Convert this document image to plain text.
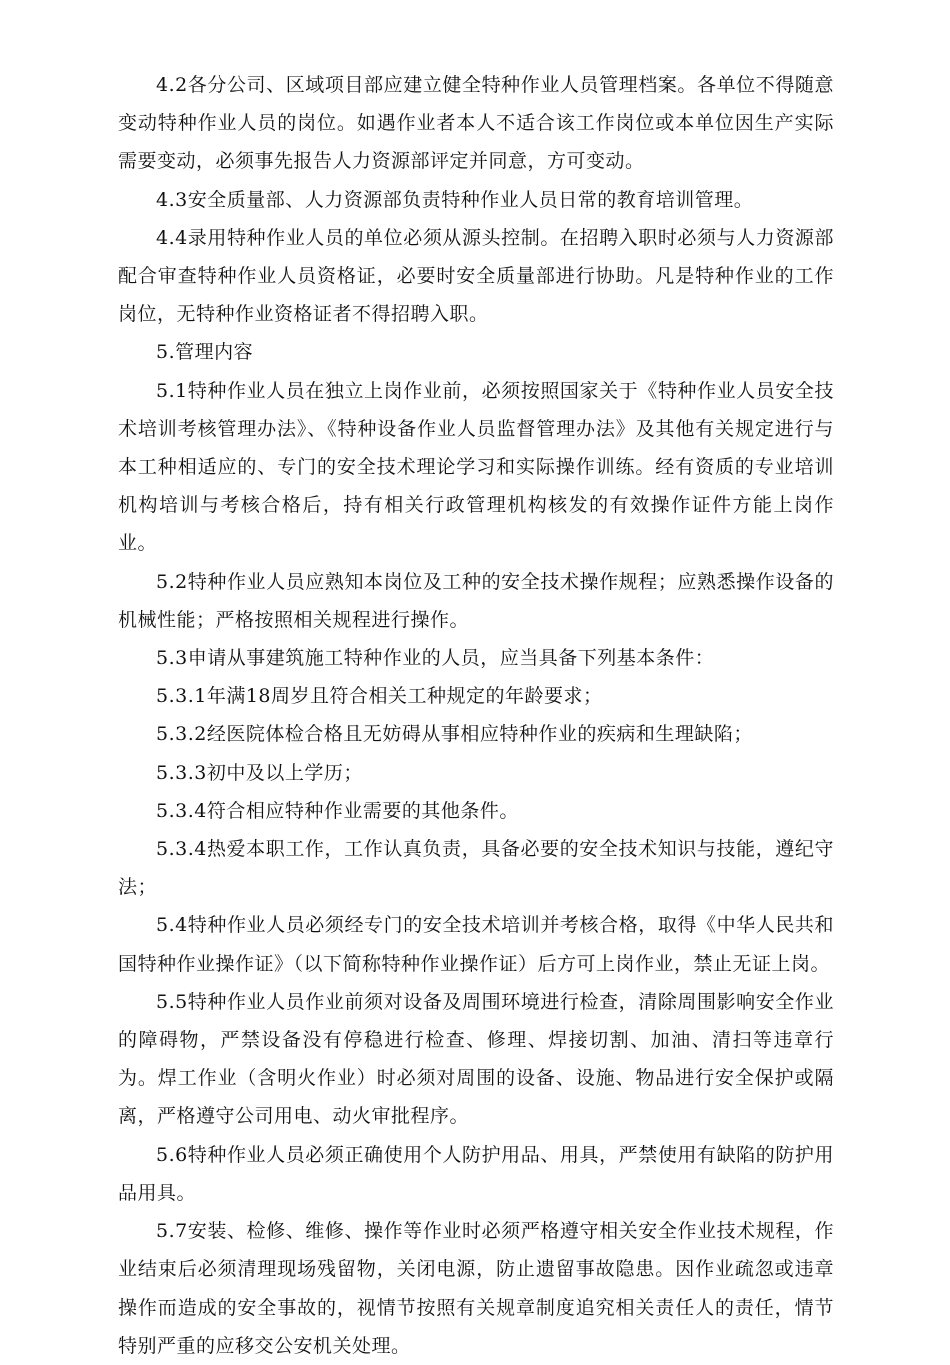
4.2各分公司、区域项目部应建立健全特种作业人员管理档案。各单位不得随意变动特种作业人员的岗位。如遇作业者本人不适合该工作岗位或本单位因生产实际需要变动，必须事先报告人力资源部评定并同意，方可变动。

4.3安全质量部、人力资源部负责特种作业人员日常的教育培训管理。

4.4录用特种作业人员的单位必须从源头控制。在招聘入职时必须与人力资源部配合审查特种作业人员资格证，必要时安全质量部进行协助。凡是特种作业的工作岗位，无特种作业资格证者不得招聘入职。

5.管理内容

5.1特种作业人员在独立上岗作业前，必须按照国家关于《特种作业人员安全技术培训考核管理办法》、《特种设备作业人员监督管理办法》及其他有关规定进行与本工种相适应的、专门的安全技术理论学习和实际操作训练。经有资质的专业培训机构培训与考核合格后，持有相关行政管理机构核发的有效操作证件方能上岗作业。

5.2特种作业人员应熟知本岗位及工种的安全技术操作规程；应熟悉操作设备的机械性能；严格按照相关规程进行操作。

5.3申请从事建筑施工特种作业的人员，应当具备下列基本条件：

5.3.1年满18周岁且符合相关工种规定的年龄要求；

5.3.2经医院体检合格且无妨碍从事相应特种作业的疾病和生理缺陷；

5.3.3初中及以上学历；

5.3.4符合相应特种作业需要的其他条件。

5.3.4热爱本职工作，工作认真负责，具备必要的安全技术知识与技能，遵纪守法；

5.4特种作业人员必须经专门的安全技术培训并考核合格，取得《中华人民共和国特种作业操作证》（以下简称特种作业操作证）后方可上岗作业，禁止无证上岗。

5.5特种作业人员作业前须对设备及周围环境进行检查，清除周围影响安全作业的障碍物，严禁设备没有停稳进行检查、修理、焊接切割、加油、清扫等违章行为。焊工作业（含明火作业）时必须对周围的设备、设施、物品进行安全保护或隔离，严格遵守公司用电、动火审批程序。

5.6特种作业人员必须正确使用个人防护用品、用具，严禁使用有缺陷的防护用品用具。

5.7安装、检修、维修、操作等作业时必须严格遵守相关安全作业技术规程，作业结束后必须清理现场残留物，关闭电源，防止遗留事故隐患。因作业疏忽或违章操作而造成的安全事故的，视情节按照有关规章制度追究相关责任人的责任，情节特别严重的应移交公安机关处理。
